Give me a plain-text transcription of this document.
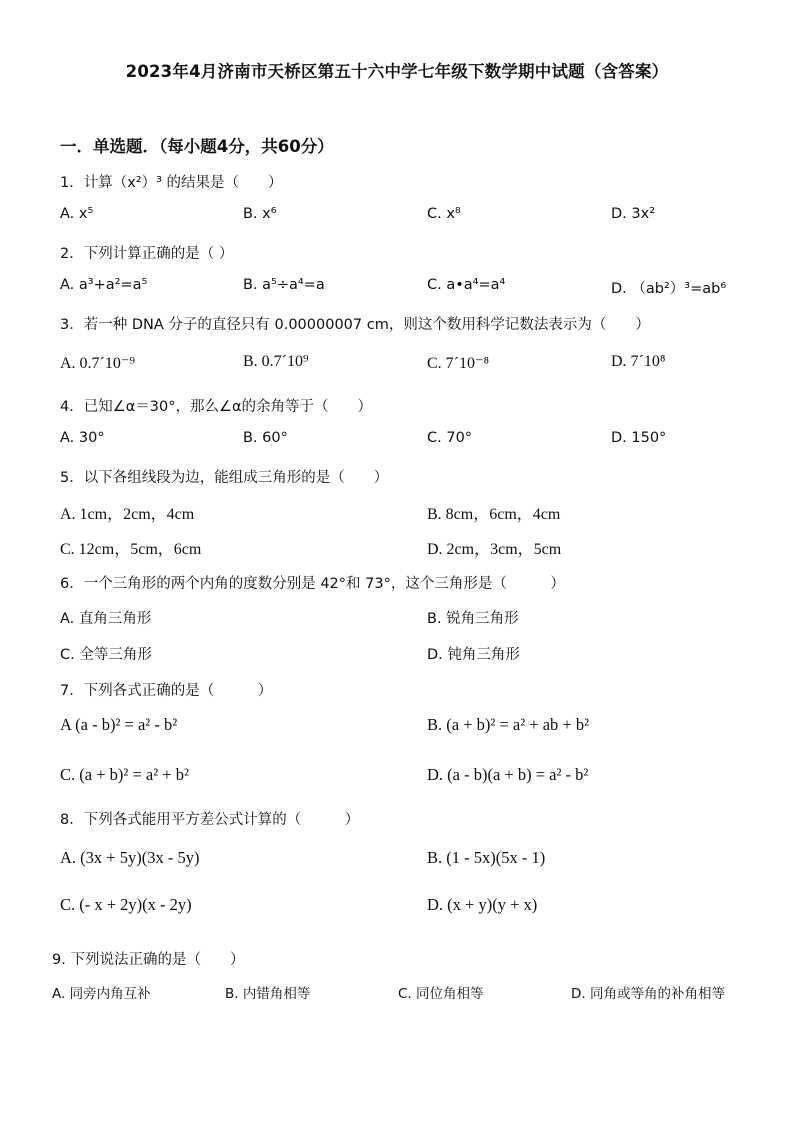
2023年4月济南市天桥区第五十六中学七年级下数学期中试题（含答案）
一．单选题．（每小题4分，共60分）
1．计算（x²）³ 的结果是（　　）
A. x⁵	B. x⁶	C. x⁸	D. 3x²
2．下列计算正确的是（ ）
A. a³+a²=a⁵	B. a⁵÷a⁴=a	C. a•a⁴=a⁴	D. （ab²）³=ab⁶
3．若一种 DNA 分子的直径只有 0.00000007 cm，则这个数用科学记数法表示为（　　）
A. 0.7´10⁻⁹	B. 0.7´10⁹	C. 7´10⁻⁸	D. 7´10⁸
4．已知∠α＝30°，那么∠α的余角等于（　　）
A. 30°	B. 60°	C. 70°	D. 150°
5．以下各组线段为边，能组成三角形的是（　　）
A. 1cm，2cm，4cm	B. 8cm，6cm，4cm
C. 12cm，5cm，6cm	D. 2cm，3cm，5cm
6．一个三角形的两个内角的度数分别是 42°和 73°，这个三角形是（　　　）
A. 直角三角形	B. 锐角三角形
C. 全等三角形	D. 钝角三角形
7．下列各式正确的是（　　　）
A (a - b)² = a² - b²	B. (a + b)² = a² + ab + b²
C. (a + b)² = a² + b²	D. (a - b)(a + b) = a² - b²
8．下列各式能用平方差公式计算的（　　　）
A. (3x + 5y)(3x - 5y)	B. (1 - 5x)(5x - 1)
C. (- x + 2y)(x - 2y)	D. (x + y)(y + x)
9. 下列说法正确的是（　　）
A. 同旁内角互补	B. 内错角相等	C. 同位角相等	D. 同角或等角的补角相等
